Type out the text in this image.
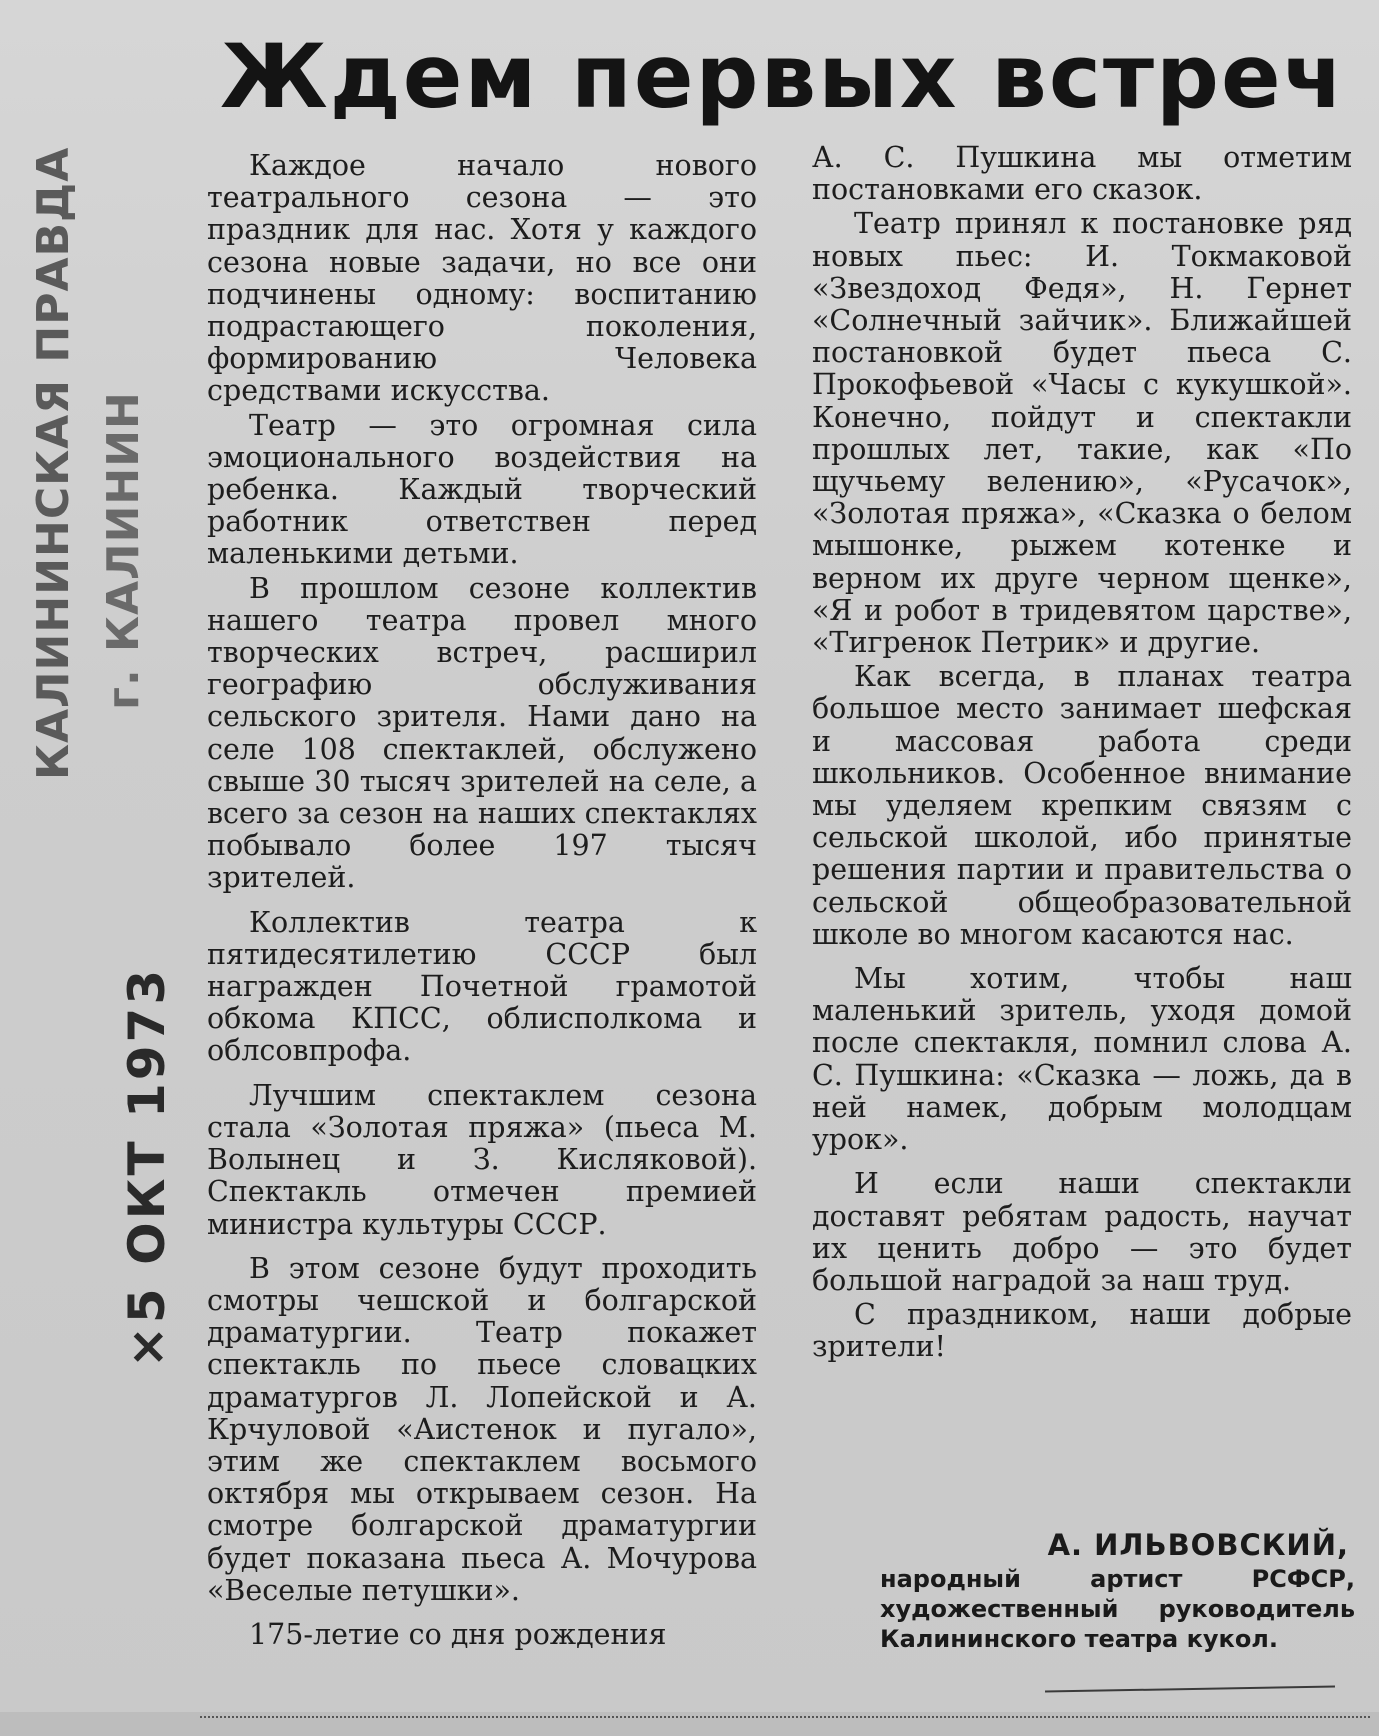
КАЛИНИНСКАЯ ПРАВДА г. КАЛИНИН
×5 ОКТ 1973
Ждем первых встреч

Каждое начало нового театрального сезона — это праздник для нас. Хотя у каждого сезона новые задачи, но все они подчинены одному: воспитанию подрастающего поколения, формированию Человека средствами искусства.

Театр — это огромная сила эмоционального воздействия на ребенка. Каждый творческий работник ответствен перед маленькими детьми.

В прошлом сезоне коллектив нашего театра провел много творческих встреч, расширил географию обслуживания сельского зрителя. Нами дано на селе 108 спектаклей, обслужено свыше 30 тысяч зрителей на селе, а всего за сезон на наших спектаклях побывало более 197 тысяч зрителей.

Коллектив театра к пятидесятилетию СССР был награжден Почетной грамотой обкома КПСС, облисполкома и облсовпрофа.

Лучшим спектаклем сезона стала «Золотая пряжа» (пьеса М. Волынец и З. Кисляковой). Спектакль отмечен премией министра культуры СССР.

В этом сезоне будут проходить смотры чешской и болгарской драматургии. Театр покажет спектакль по пьесе словацких драматургов Л. Лопейской и А. Крчуловой «Аистенок и пугало», этим же спектаклем восьмого октября мы открываем сезон. На смотре болгарской драматургии будет показана пьеса А. Мочурова «Веселые петушки».

175-летие со дня рождения

А. С. Пушкина мы отметим постановками его сказок.

Театр принял к постановке ряд новых пьес: И. Токмаковой «Звездоход Федя», Н. Гернет «Солнечный зайчик». Ближайшей постановкой будет пьеса С. Прокофьевой «Часы с кукушкой». Конечно, пойдут и спектакли прошлых лет, такие, как «По щучьему велению», «Русачок», «Золотая пряжа», «Сказка о белом мышонке, рыжем котенке и верном их друге черном щенке», «Я и робот в тридевятом царстве», «Тигренок Петрик» и другие.

Как всегда, в планах театра большое место занимает шефская и массовая работа среди школьников. Особенное внимание мы уделяем крепким связям с сельской школой, ибо принятые решения партии и правительства о сельской общеобразовательной школе во многом касаются нас.

Мы хотим, чтобы наш маленький зритель, уходя домой после спектакля, помнил слова А. С. Пушкина: «Сказка — ложь, да в ней намек, добрым молодцам урок».

И если наши спектакли доставят ребятам радость, научат их ценить добро — это будет большой наградой за наш труд.

С праздником, наши добрые зрители!

А. ИЛЬВОВСКИЙ,
народный артист РСФСР, художественный руководитель Калининского театра кукол.
